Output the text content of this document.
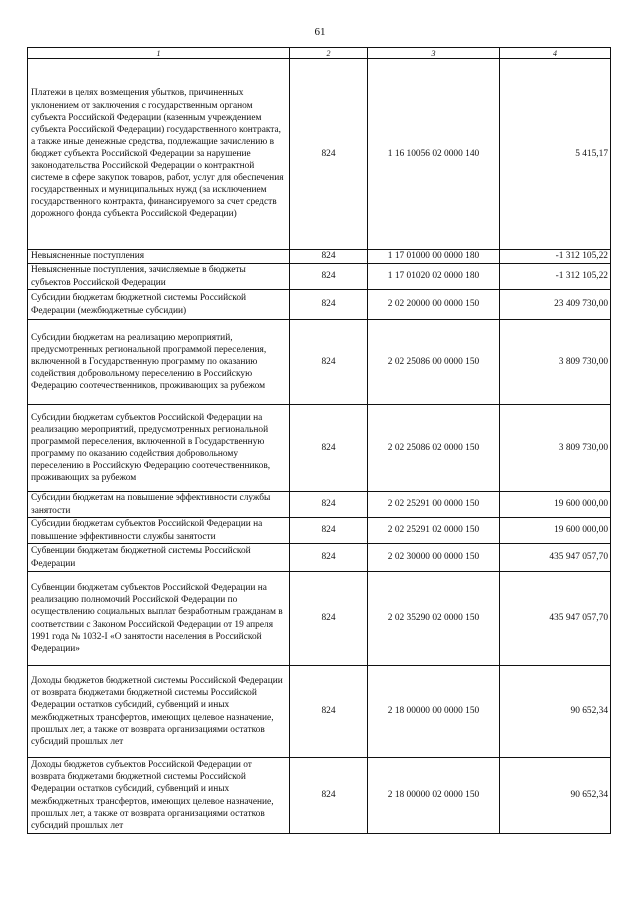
61
1	2	3	4
Платежи в целях возмещения убытков, причиненных уклонением от заключения с государственным органом субъекта Российской Федерации (казенным учреждением субъекта Российской Федерации) государственного контракта, а также иные денежные средства, подлежащие зачислению в бюджет субъекта Российской Федерации за нарушение законодательства Российской Федерации о контрактной системе в сфере закупок товаров, работ, услуг для обеспечения государственных и муниципальных нужд (за исключением государственного контракта, финансируемого за счет средств дорожного фонда субъекта Российской Федерации)	824	1 16 10056 02 0000 140	5 415,17
Невыясненные поступления	824	1 17 01000 00 0000 180	-1 312 105,22
Невыясненные поступления, зачисляемые в бюджеты субъектов Российской Федерации	824	1 17 01020 02 0000 180	-1 312 105,22
Субсидии бюджетам бюджетной системы Российской Федерации (межбюджетные субсидии)	824	2 02 20000 00 0000 150	23 409 730,00
Субсидии бюджетам на реализацию мероприятий, предусмотренных региональной программой переселения, включенной в Государственную программу по оказанию содействия добровольному переселению в Российскую Федерацию соотечественников, проживающих за рубежом	824	2 02 25086 00 0000 150	3 809 730,00
Субсидии бюджетам субъектов Российской Федерации на реализацию мероприятий, предусмотренных региональной программой переселения, включенной в Государственную программу по оказанию содействия добровольному переселению в Российскую Федерацию соотечественников, проживающих за рубежом	824	2 02 25086 02 0000 150	3 809 730,00
Субсидии бюджетам на повышение эффективности службы занятости	824	2 02 25291 00 0000 150	19 600 000,00
Субсидии бюджетам субъектов Российской Федерации на повышение эффективности службы занятости	824	2 02 25291 02 0000 150	19 600 000,00
Субвенции бюджетам бюджетной системы Российской Федерации	824	2 02 30000 00 0000 150	435 947 057,70
Субвенции бюджетам субъектов Российской Федерации на реализацию полномочий Российской Федерации по осуществлению социальных выплат безработным гражданам в соответствии с Законом Российской Федерации от 19 апреля 1991 года № 1032-I «О занятости населения в Российской Федерации»	824	2 02 35290 02 0000 150	435 947 057,70
Доходы бюджетов бюджетной системы Российской Федерации от возврата бюджетами бюджетной системы Российской Федерации остатков субсидий, субвенций и иных межбюджетных трансфертов, имеющих целевое назначение, прошлых лет, а также от возврата организациями остатков субсидий прошлых лет	824	2 18 00000 00 0000 150	90 652,34
Доходы бюджетов субъектов Российской Федерации от возврата бюджетами бюджетной системы Российской Федерации остатков субсидий, субвенций и иных межбюджетных трансфертов, имеющих целевое назначение, прошлых лет, а также от возврата организациями остатков субсидий прошлых лет	824	2 18 00000 02 0000 150	90 652,34
